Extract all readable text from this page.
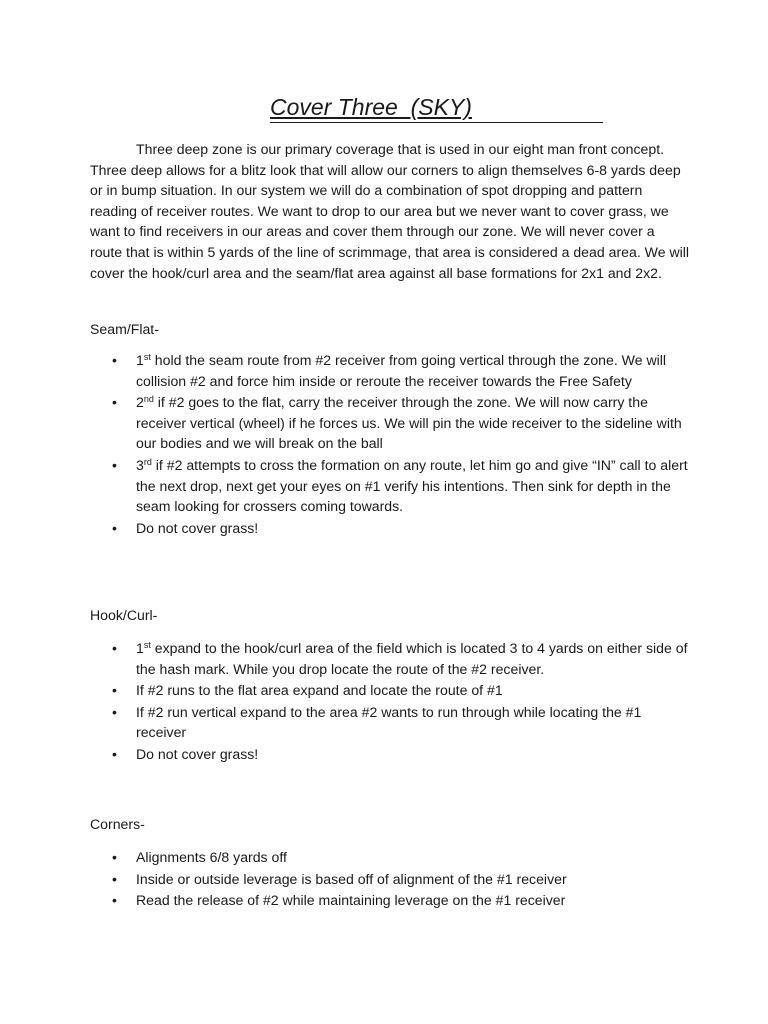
Cover Three  (SKY)

Three deep zone is our primary coverage that is used in our eight man front concept. Three deep allows for a blitz look that will allow our corners to align themselves 6-8 yards deep or in bump situation. In our system we will do a combination of spot dropping and pattern reading of receiver routes. We want to drop to our area but we never want to cover grass, we want to find receivers in our areas and cover them through our zone. We will never cover a route that is within 5 yards of the line of scrimmage, that area is considered a dead area. We will cover the hook/curl area and the seam/flat area against all base formations for 2x1 and 2x2.

Seam/Flat-

• 1st hold the seam route from #2 receiver from going vertical through the zone. We will collision #2 and force him inside or reroute the receiver towards the Free Safety
• 2nd if #2 goes to the flat, carry the receiver through the zone. We will now carry the receiver vertical (wheel) if he forces us. We will pin the wide receiver to the sideline with our bodies and we will break on the ball
• 3rd if #2 attempts to cross the formation on any route, let him go and give “IN” call to alert the next drop, next get your eyes on #1 verify his intentions. Then sink for depth in the seam looking for crossers coming towards.
• Do not cover grass!

Hook/Curl-

• 1st expand to the hook/curl area of the field which is located 3 to 4 yards on either side of the hash mark. While you drop locate the route of the #2 receiver.
• If #2 runs to the flat area expand and locate the route of #1
• If #2 run vertical expand to the area #2 wants to run through while locating the #1 receiver
• Do not cover grass!

Corners-

• Alignments 6/8 yards off
• Inside or outside leverage is based off of alignment of the #1 receiver
• Read the release of #2 while maintaining leverage on the #1 receiver
